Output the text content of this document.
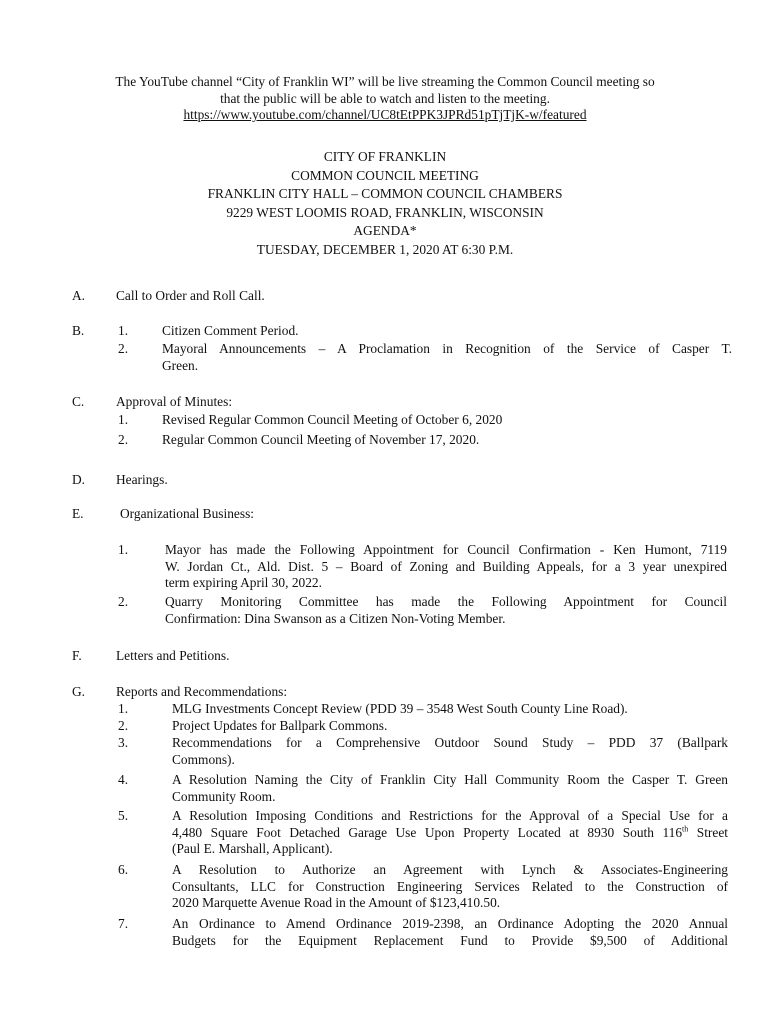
The YouTube channel “City of Franklin WI” will be live streaming the Common Council meeting so
that the public will be able to watch and listen to the meeting.
https://www.youtube.com/channel/UC8tEtPPK3JPRd51pTjTjK-w/featured
CITY OF FRANKLIN
COMMON COUNCIL MEETING
FRANKLIN CITY HALL – COMMON COUNCIL CHAMBERS
9229 WEST LOOMIS ROAD, FRANKLIN, WISCONSIN
AGENDA*
TUESDAY, DECEMBER 1, 2020 AT 6:30 P.M.
A. Call to Order and Roll Call.
B.	1.	Citizen Comment Period.
2.	Mayoral Announcements – A Proclamation in Recognition of the Service of Casper T.
Green.
C. Approval of Minutes:
1.	Revised Regular Common Council Meeting of October 6, 2020
2.	Regular Common Council Meeting of November 17, 2020.
D. Hearings.
E.	Organizational Business:
1.	Mayor has made the Following Appointment for Council Confirmation - Ken Humont, 7119
W. Jordan Ct., Ald. Dist. 5 – Board of Zoning and Building Appeals, for a 3 year unexpired
term expiring April 30, 2022.
2.	Quarry Monitoring Committee has made the Following Appointment for Council
Confirmation: Dina Swanson as a Citizen Non-Voting Member.
F.	Letters and Petitions.
G. Reports and Recommendations:
1.	MLG Investments Concept Review (PDD 39 – 3548 West South County Line Road).
2.	Project Updates for Ballpark Commons.
3.	Recommendations for a Comprehensive Outdoor Sound Study – PDD 37 (Ballpark
Commons).
4.	A Resolution Naming the City of Franklin City Hall Community Room the Casper T. Green
Community Room.
5.	A Resolution Imposing Conditions and Restrictions for the Approval of a Special Use for a
4,480 Square Foot Detached Garage Use Upon Property Located at 8930 South 116th Street
(Paul E. Marshall, Applicant).
6.	A Resolution to Authorize an Agreement with Lynch & Associates-Engineering
Consultants, LLC for Construction Engineering Services Related to the Construction of
2020 Marquette Avenue Road in the Amount of $123,410.50.
7.	An Ordinance to Amend Ordinance 2019-2398, an Ordinance Adopting the 2020 Annual
Budgets for the Equipment Replacement Fund to Provide $9,500 of Additional
